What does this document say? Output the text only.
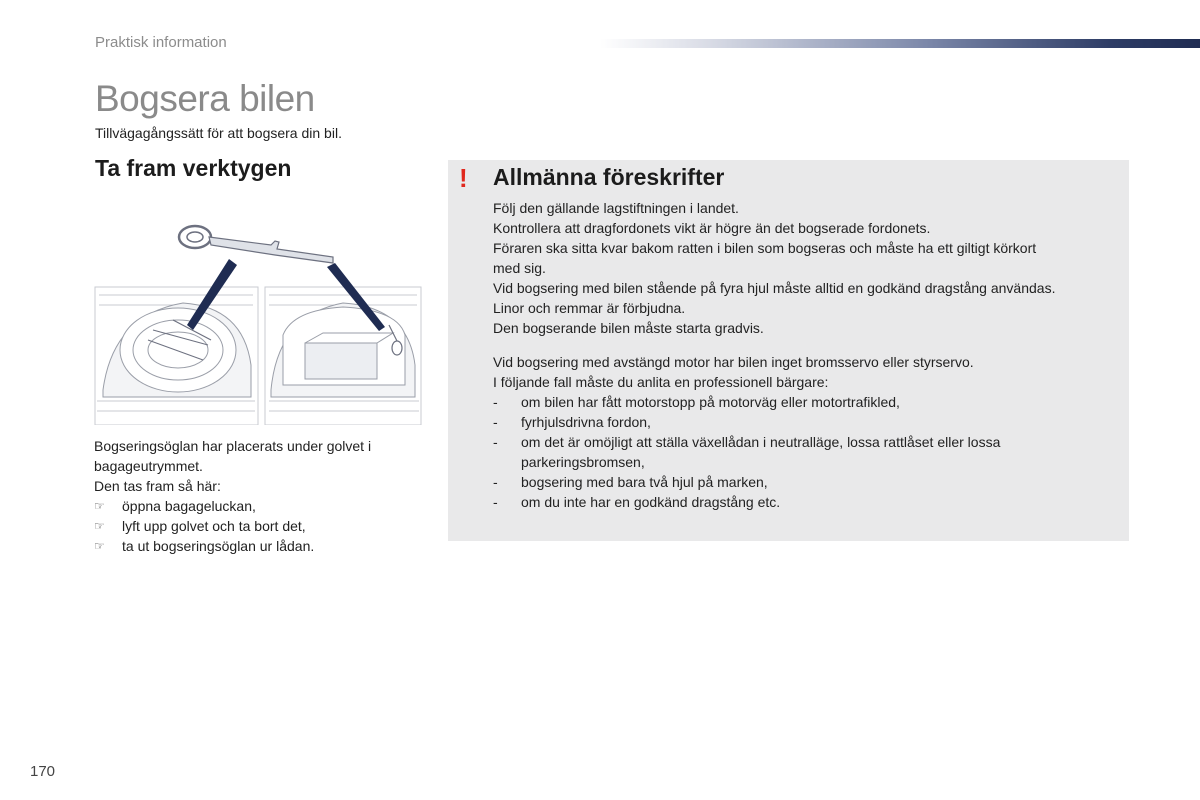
Praktisk information
Bogsera bilen
Tillvägagångssätt för att bogsera din bil.
Ta fram verktygen
Bogseringsöglan har placerats under golvet i
bagageutrymmet.
Den tas fram så här:
☞ öppna bagageluckan,
☞ lyft upp golvet och ta bort det,
☞ ta ut bogseringsöglan ur lådan.
! Allmänna föreskrifter
Följ den gällande lagstiftningen i landet.
Kontrollera att dragfordonets vikt är högre än det bogserade fordonets.
Föraren ska sitta kvar bakom ratten i bilen som bogseras och måste ha ett giltigt körkort
med sig.
Vid bogsering med bilen stående på fyra hjul måste alltid en godkänd dragstång användas.
Linor och remmar är förbjudna.
Den bogserande bilen måste starta gradvis.
Vid bogsering med avstängd motor har bilen inget bromsservo eller styrservo.
I följande fall måste du anlita en professionell bärgare:
- om bilen har fått motorstopp på motorväg eller motortrafikled,
- fyrhjulsdrivna fordon,
- om det är omöjligt att ställa växellådan i neutralläge, lossa rattlåset eller lossa
parkeringsbromsen,
- bogsering med bara två hjul på marken,
- om du inte har en godkänd dragstång etc.
170
